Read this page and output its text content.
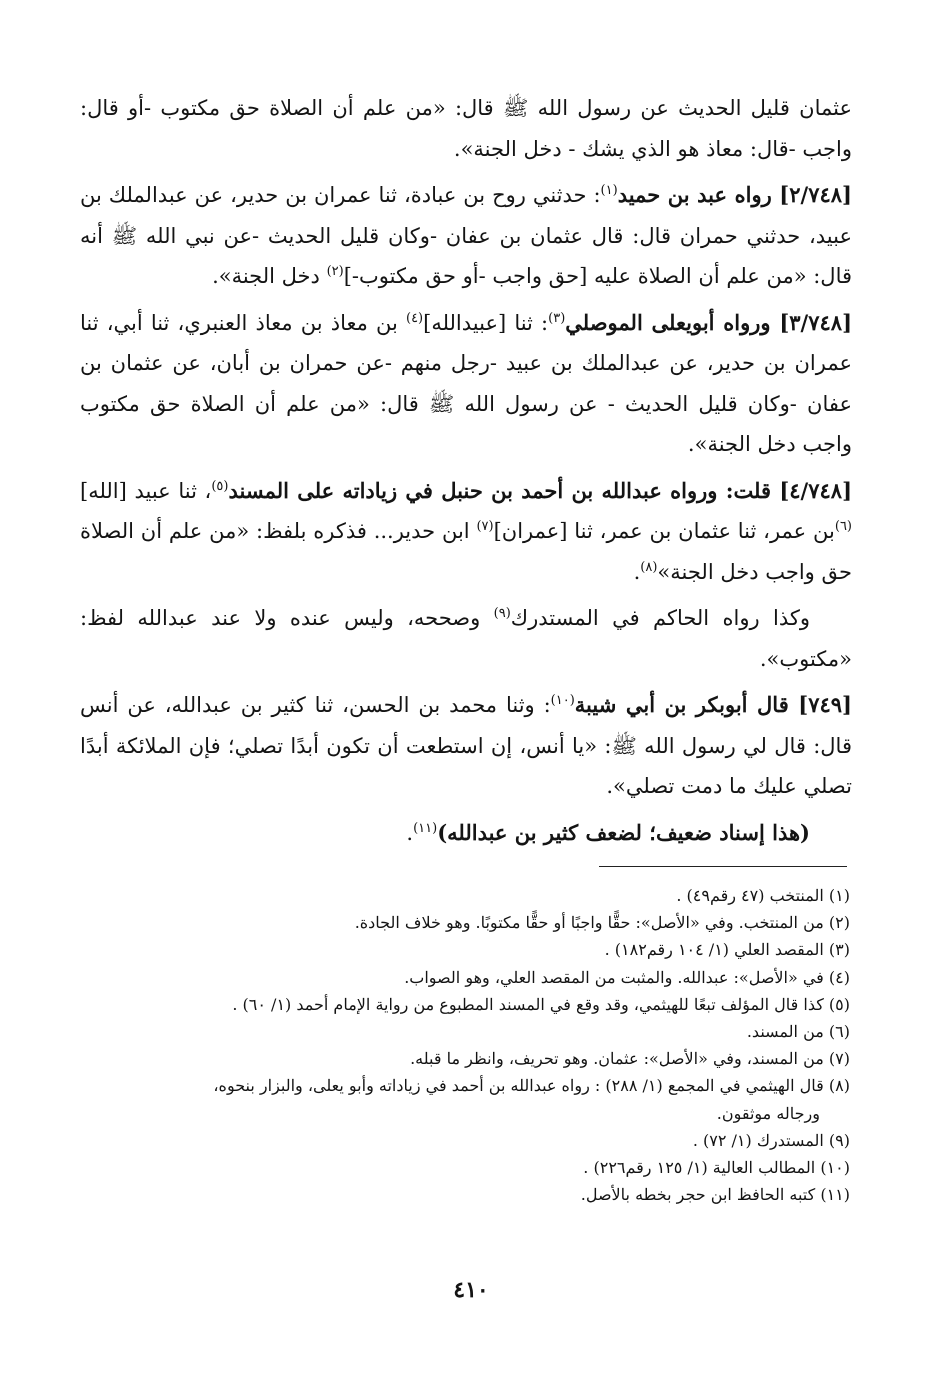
عثمان قليل الحديث عن رسول الله ﷺ قال: «من علم أن الصلاة حق مكتوب -أو قال: واجب -قال: معاذ هو الذي يشك - دخل الجنة».

[٢/٧٤٨] رواه عبد بن حميد$^{(١)}$: حدثني روح بن عبادة، ثنا عمران بن حدير، عن عبدالملك بن عبيد، حدثني حمران قال: قال عثمان بن عفان -وكان قليل الحديث -عن نبي الله ﷺ أنه قال: «من علم أن الصلاة عليه [حق واجب -أو حق مكتوب-]$^{(٢)}$ دخل الجنة».

[٣/٧٤٨] ورواه أبويعلى الموصلي$^{(٣)}$: ثنا [عبيدالله]$^{(٤)}$ بن معاذ بن معاذ العنبري، ثنا أبي، ثنا عمران بن حدير، عن عبدالملك بن عبيد -رجل منهم -عن حمران بن أبان، عن عثمان بن عفان -وكان قليل الحديث - عن رسول الله ﷺ قال: «من علم أن الصلاة حق مكتوب واجب دخل الجنة».

[٤/٧٤٨] قلت: ورواه عبدالله بن أحمد بن حنبل في زياداته على المسند$^{(٥)}$، ثنا عبيد [الله]$^{(٦)}$بن عمر، ثنا عثمان بن عمر، ثنا [عمران]$^{(٧)}$ ابن حدير... فذكره بلفظ: «من علم أن الصلاة حق واجب دخل الجنة»$^{(٨)}$.

وكذا رواه الحاكم في المستدرك$^{(٩)}$ وصححه، وليس عنده ولا عند عبدالله لفظ: «مكتوب».

[٧٤٩] قال أبوبكر بن أبي شيبة$^{(١٠)}$: وثنا محمد بن الحسن، ثنا كثير بن عبدالله، عن أنس قال: قال لي رسول الله ﷺ: «يا أنس، إن استطعت أن تكون أبدًا تصلي؛ فإن الملائكة أبدًا تصلي عليك ما دمت تصلي».

(هذا إسناد ضعيف؛ لضعف كثير بن عبدالله)$^{(١١)}$.

(١) المنتخب (٤٧ رقم٤٩) .
(٢) من المنتخب. وفي «الأصل»: حقًّا واجبًا أو حقًّا مكتوبًا. وهو خلاف الجادة.
(٣) المقصد العلي (١/ ١٠٤ رقم١٨٢) .
(٤) في «الأصل»: عبدالله. والمثبت من المقصد العلي، وهو الصواب.
(٥) كذا قال المؤلف تبعًا للهيثمي، وقد وقع في المسند المطبوع من رواية الإمام أحمد (١/ ٦٠) .
(٦) من المسند.
(٧) من المسند، وفي «الأصل»: عثمان. وهو تحريف، وانظر ما قبله.
(٨) قال الهيثمي في المجمع (١/ ٢٨٨) : رواه عبدالله بن أحمد في زياداته وأبو يعلى، والبزار بنحوه،
ورجاله موثقون.
(٩) المستدرك (١/ ٧٢) .
(١٠) المطالب العالية (١/ ١٢٥ رقم٢٢٦) .
(١١) كتبه الحافظ ابن حجر بخطه بالأصل.
٤١٠
